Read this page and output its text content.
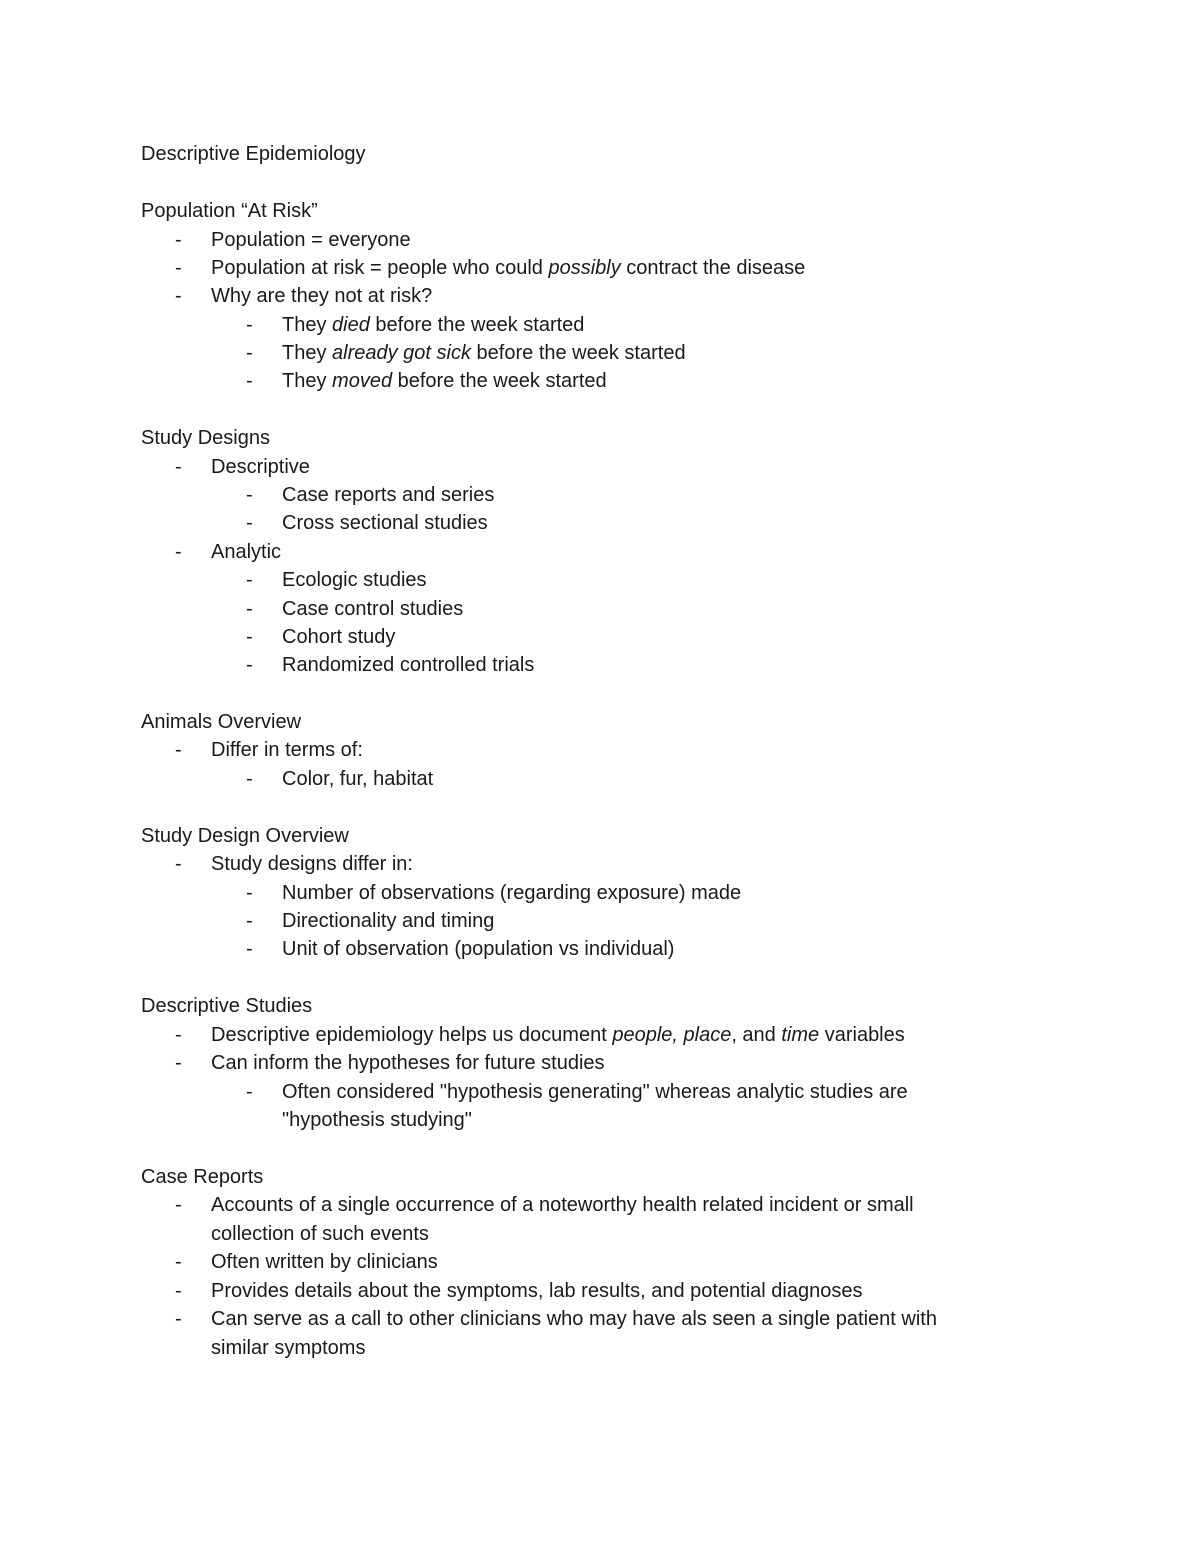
Descriptive Epidemiology
Population “At Risk”
-	Population = everyone
-	Population at risk = people who could possibly contract the disease
-	Why are they not at risk?
-	They died before the week started
-	They already got sick before the week started
-	They moved before the week started
Study Designs
-	Descriptive
-	Case reports and series
-	Cross sectional studies
-	Analytic
-	Ecologic studies
-	Case control studies
-	Cohort study
-	Randomized controlled trials
Animals Overview
-	Differ in terms of:
-	Color, fur, habitat
Study Design Overview
-	Study designs differ in:
-	Number of observations (regarding exposure) made
-	Directionality and timing
-	Unit of observation (population vs individual)
Descriptive Studies
-	Descriptive epidemiology helps us document people, place, and time variables
-	Can inform the hypotheses for future studies
-	Often considered "hypothesis generating" whereas analytic studies are
"hypothesis studying"
Case Reports
-	Accounts of a single occurrence of a noteworthy health related incident or small
collection of such events
-	Often written by clinicians
-	Provides details about the symptoms, lab results, and potential diagnoses
-	Can serve as a call to other clinicians who may have als seen a single patient with
similar symptoms
